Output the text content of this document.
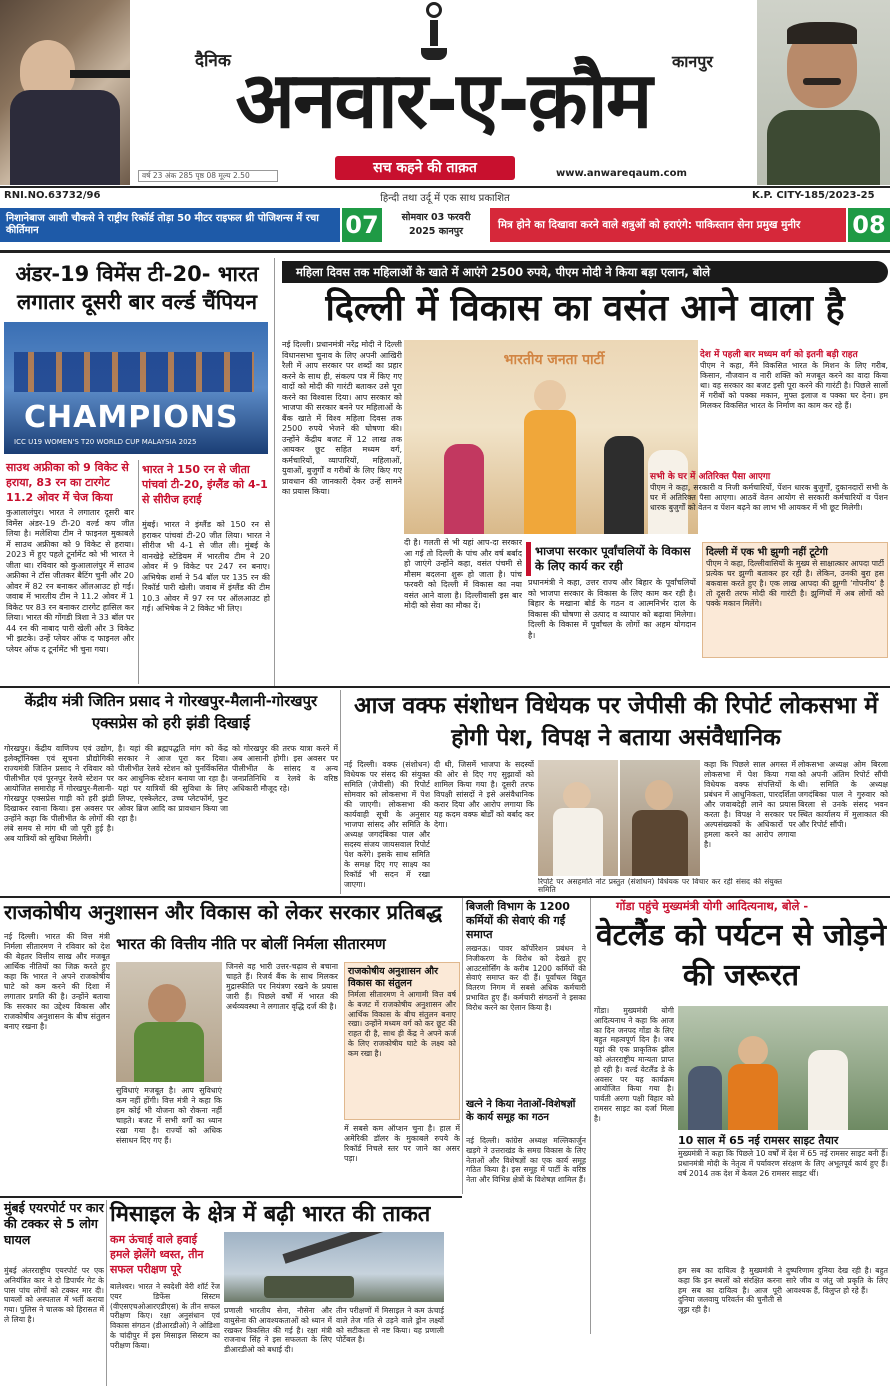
वर्ष 23 अंक 285 पृष्ठ 08 मूल्य 2.50
दैनिक अनवार-ए-क़ौम	कानपुर
सच कहने की ताक़त	www.anwareqaum.com
RNI.NO.63732/96	हिन्दी तथा उर्दू में एक साथ प्रकाशित	K.P. CITY-185/2023-25
निशानेबाज आशी चौकसे ने राष्ट्रीय रिकॉर्ड तोड़ा 50 मीटर राइफल थ्री पोजिशन्स में रचा कीर्तिमान	07	सोमवार 03 फरवरी
2025 कानपुर
मित्र होने का दिखावा करने वाले शत्रुओं को हराएंगे: पाकिस्तान सेना प्रमुख मुनीर 08
अंडर-19 विमेंस टी-20- भारत लगातार दूसरी बार वर्ल्ड चैंपियन
CHAMPIONS
ICC U19 WOMEN'S T20 WORLD CUP MALAYSIA 2025
साउथ अफ्रीका को 9 विकेट से हराया, 83 रन का टारगेट 11.2 ओवर में चेज किया
कुआलालंपुर। भारत ने लगातार दूसरी बार विमेंस अंडर-19 टी-20 वर्ल्ड कप जीत लिया है। मलेशिया टीम ने फाइनल मुकाबले में साउथ अफ्रीका को 9 विकेट से हराया। 2023 में हुए पहले टूर्नामेंट को भी भारत ने जीता था। रविवार को कुआलालंपुर में साउथ अफ्रीका ने टॉस जीतकर बैटिंग चुनी और 20 ओवर में 82 रन बनाकर ऑलआउट हो गई। जवाब में भारतीय टीम ने 11.2 ओवर में 1 विकेट पर 83 रन बनाकर टारगेट हासिल कर लिया। भारत की गोंगडी त्रिशा ने 33 बॉल पर 44 रन की नाबाद पारी खेली और 3 विकेट भी झटके। उन्हें प्लेयर ऑफ द फाइनल और प्लेयर ऑफ द टूर्नामेंट भी चुना गया।
भारत ने 150 रन से जीता पांचवां टी-20, इंग्लैंड को 4-1 से सीरीज हराई
मुंबई। भारत ने इंग्लैंड को 150 रन से हराकर पांचवां टी-20 जीत लिया। भारत ने सीरीज भी 4-1 से जीत ली। मुंबई के वानखेड़े स्टेडियम में भारतीय टीम ने 20 ओवर में 9 विकेट पर 247 रन बनाए। अभिषेक शर्मा ने 54 बॉल पर 135 रन की रिकॉर्ड पारी खेली। जवाब में इंग्लैंड की टीम 10.3 ओवर में 97 रन पर ऑलआउट हो गई। अभिषेक ने 2 विकेट भी लिए।
महिला दिवस तक महिलाओं के खाते में आएंगे 2500 रुपये, पीएम मोदी ने किया बड़ा एलान, बोले
दिल्ली में विकास का वसंत आने वाला है
नई दिल्ली। प्रधानमंत्री नरेंद्र मोदी ने दिल्ली विधानसभा चुनाव के लिए अपनी आखिरी रैली में आप सरकार पर शब्दों का प्रहार करने के साथ ही, संकल्प पत्र में किए गए वादों को मोदी की गारंटी बताकर उसे पूरा करने का विश्वास दिया। आप सरकार को भाजपा की सरकार बनने पर महिलाओं के बैंक खाते में विश्व महिला दिवस तक 2500 रुपये भेजने की घोषणा की। उन्होंने केंद्रीय बजट में 12 लाख तक आयकर छूट सहित मध्यम वर्ग, कर्मचारियों, व्यापारियों, महिलाओं, युवाओं, बुजुर्गों व गरीबों के लिए किए गए प्रावधान की जानकारी देकर उन्हें सामने का प्रयास किया।
भारतीय जनता पार्टी
दी है। गलती से भी यहां आप-दा सरकार आ गई तो दिल्ली के पांच और वर्ष बर्बाद हो जाएंगे उन्होंने कहा, वसंत पंचमी से मौसम बदलना शुरू हो जाता है। पांच फरवरी को दिल्ली में विकास का नया वसंत आने वाला है। दिल्लीवासी इस बार मोदी को सेवा का मौका दें।
भाजपा सरकार पूर्वांचलियों के विकास के लिए कार्य कर रही
प्रधानमंत्री ने कहा, उत्तर राज्य और बिहार के पूर्वांचलियों को भाजपा सरकार के विकास के लिए काम कर रही है। बिहार के मखाना बोर्ड के गठन व आत्मनिर्भर दाल के विकास की घोषणा से उत्पाद व व्यापार को बढ़ावा मिलेगा। दिल्ली के विकास में पूर्वांचल के लोगों का अहम योगदान है।
देश में पहली बार मध्यम वर्ग को इतनी बड़ी राहत
पीएम ने कहा, मैंने विकसित भारत के मिशन के लिए गरीब, किसान, नौजवान व नारी शक्ति को मजबूत करने का वादा किया था। वह सरकार का बजट इसी पूरा करने की गारंटी है। पिछले सालों में गरीबों को पक्का मकान, मुफ्त इलाज व पक्का घर देना। हम मिलकर विकसित भारत के निर्माण का काम कर रहे हैं।
सभी के घर में अतिरिक्त पैसा आएगा
पीएम ने कहा, सरकारी व निजी कर्मचारियों, पेंशन धारक बुजुर्गों, दुकानदारों सभी के घर में अतिरिक्त पैसा आएगा। आठवें वेतन आयोग से सरकारी कर्मचारियों व पेंशन धारक बुजुर्गों को वेतन व पेंशन बढ़ने का लाभ भी आयकर में भी छूट मिलेगी।
दिल्ली में एक भी झुग्गी नहीं टूटेगी
पीएम ने कहा, दिल्लीवासियों के मुख्य से साक्षात्कार आपदा पार्टी प्रत्येक घर झुग्गी बताकर हर रही है। लेकिन, उनकी बुरा हस बकवास करते हुए है। एक लाख आपदा की झुग्गी ‘गोपनीय’ है तो दूसरी तरफ मोदी की गारंटी है। झुग्गियों में अब लोगों को पक्के मकान मिलेंगे।
केंद्रीय मंत्री जितिन प्रसाद ने गोरखपुर-मैलानी-गोरखपुर एक्सप्रेस को हरी झंडी दिखाई
गोरखपुर। केंद्रीय वाणिज्य एवं उद्योग, इलेक्ट्रॉनिक्स एवं सूचना प्रौद्योगिकी राज्यमंत्री जितिन प्रसाद ने रविवार को पीलीभीत एवं पूरनपुर रेलवे स्टेशन पर आयोजित समारोह में गोरखपुर-मैलानी-गोरखपुर एक्सप्रेस गाड़ी को हरी झंडी दिखाकर रवाना किया। इस अवसर पर उन्होंने कहा कि पीलीभीत के लोगों की लंबे समय से मांग थी जो पूरी हुई है। अब यात्रियों को सुविधा मिलेगी।
है। यहां की ब्रह्मपद्धति मांग को केंद्र सरकार ने आज पूरा कर दिया। पीलीभीत रेलवे स्टेशन को पुनर्विकसित कर आधुनिक स्टेशन बनाया जा रहा है। यहां पर यात्रियों की सुविधा के लिए लिफ्ट, एस्केलेटर, उच्च प्लेटफॉर्म, फुट ओवर ब्रिज आदि का प्रावधान किया जा रहा है।
को गोरखपुर की तरफ यात्रा करने में अब आसानी होगी। इस अवसर पर पीलीभीत के सांसद व अन्य जनप्रतिनिधि व रेलवे के वरिष्ठ अधिकारी मौजूद रहे।
आज वक्फ संशोधन विधेयक पर जेपीसी की रिपोर्ट लोकसभा में होगी पेश, विपक्ष ने बताया असंवैधानिक
नई दिल्ली। वक्फ (संशोधन) विधेयक पर संसद की संयुक्त समिति (जेपीसी) की रिपोर्ट सोमवार को लोकसभा में पेश की जाएगी। लोकसभा की कार्यवाही सूची के अनुसार भाजपा सांसद और समिति के अध्यक्ष जगदंबिका पाल और सदस्य संजय जायसवाल रिपोर्ट पेश करेंगे। इसके साथ समिति के समक्ष दिए गए साक्ष्य का रिकॉर्ड भी सदन में रखा जाएगा।
दी थी, जिसमें भाजपा के सदस्यों की ओर से दिए गए सुझावों को शामिल किया गया है। दूसरी तरफ विपक्षी सांसदों ने इसे असंवैधानिक करार दिया और आरोप लगाया कि यह कदम वक्फ बोर्डों को बर्बाद कर देगा।
रिपोर्ट पर असहमति नोट प्रस्तुत (संशोधन) विधेयक पर विचार कर रही संसद की संयुक्त समिति
कहा कि पिछले साल अगस्त में लोकसभा में पेश किया गया विधेयक वक्फ संपत्तियों के प्रबंधन में आधुनिकता, पारदर्शिता और जवाबदेही लाने का प्रयास करता है। विपक्ष ने सरकार पर अल्पसंख्यकों के अधिकारों पर हमला करने का आरोप लगाया है।
लोकसभा अध्यक्ष ओम बिरला को अपनी अंतिम रिपोर्ट सौंपी थी। समिति के अध्यक्ष जगदंबिका पाल ने गुरुवार को बिरला से उनके संसद भवन स्थित कार्यालय में मुलाकात की और रिपोर्ट सौंपी।
राजकोषीय अनुशासन और विकास को लेकर सरकार प्रतिबद्ध
भारत की वित्तीय नीति पर बोलीं निर्मला सीतारमण
नई दिल्ली। भारत की वित्त मंत्री निर्मला सीतारमण ने रविवार को देश की बेहतर वित्तीय साख और मजबूत आर्थिक नीतियों का जिक्र करते हुए कहा कि भारत ने अपने राजकोषीय घाटे को कम करने की दिशा में लगातार प्रगति की है। उन्होंने बताया कि सरकार का उद्देश्य विकास और राजकोषीय अनुशासन के बीच संतुलन बनाए रखना है।
सुविधाएं मजबूत है। आप सुविधाएं कम नहीं होंगी। वित्त मंत्री ने कहा कि हम कोई भी योजना को रोकना नहीं चाहते। बजट में सभी वर्गों का ध्यान रखा गया है। राज्यों को अधिक संसाधन दिए गए हैं।
जिनसे वह भारी उत्तर-चढ़ाव से बचाना चाहते हैं। रिजर्व बैंक के साथ मिलकर मुद्रास्फीति पर नियंत्रण रखने के प्रयास जारी हैं। पिछले वर्षों में भारत की अर्थव्यवस्था ने लगातार वृद्धि दर्ज की है।
राजकोषीय अनुशासन और विकास का संतुलन
निर्मला सीतारमण ने आगामी वित्त वर्ष के बजट में राजकोषीय अनुशासन और आर्थिक विकास के बीच संतुलन बनाए रखा। उन्होंने मध्यम वर्ग को कर छूट की राहत दी है, साथ ही केंद्र ने अपने कर्ज के लिए राजकोषीय घाटे के लक्ष्य को कम रखा है।
में सबसे कम ऑप्शन चुना है। हाल में अमेरिकी डॉलर के मुकाबले रुपये के रिकॉर्ड निचले स्तर पर जाने का असर पड़ा।
बिजली विभाग के 1200 कर्मियों की सेवाएं की गईं समाप्त
लखनऊ। पावर कॉर्पोरेशन प्रबंधन ने निजीकरण के विरोध को देखते हुए आउटसोर्सिंग के करीब 1200 कर्मियों की सेवाएं समाप्त कर दी हैं। पूर्वांचल विद्युत वितरण निगम में सबसे अधिक कर्मचारी प्रभावित हुए हैं। कर्मचारी संगठनों ने इसका विरोध करने का ऐलान किया है।
खत्ने ने किया नेताओं-विशेषज्ञों के कार्य समूह का गठन
नई दिल्ली। कांग्रेस अध्यक्ष मल्लिकार्जुन खड़गे ने उत्तराखंड के समग्र विकास के लिए नेताओं और विशेषज्ञों का एक कार्य समूह गठित किया है। इस समूह में पार्टी के वरिष्ठ नेता और विभिन्न क्षेत्रों के विशेषज्ञ शामिल हैं।
गोंडा पहुंचे मुख्यमंत्री योगी आदित्यनाथ, बोले -
वेटलैंड को पर्यटन से जोड़ने की जरूरत
गोंडा। मुख्यमंत्री योगी आदित्यनाथ ने कहा कि आज का दिन जनपद गोंडा के लिए बहुत महत्वपूर्ण दिन है। जब यहां की एक प्राकृतिक झील को अंतरराष्ट्रीय मान्यता प्राप्त हो रही है। वर्ल्ड वेटलैंड डे के अवसर पर यह कार्यक्रम आयोजित किया गया है। पार्वती अरगा पक्षी विहार को रामसर साइट का दर्जा मिला है।
10 साल में 65 नई रामसर साइट तैयार
मुख्यमंत्री ने कहा कि पिछले 10 वर्षों में देश में 65 नई रामसर साइट बनी हैं। प्रधानमंत्री मोदी के नेतृत्व में पर्यावरण संरक्षण के लिए अभूतपूर्व कार्य हुए हैं। वर्ष 2014 तक देश में केवल 26 रामसर साइट थीं।
हम सब का दायित्व है मुख्यमंत्री ने कहा कि इन स्थलों को संरक्षित करना हम सब का दायित्व है। आज पूरी दुनिया जलवायु परिवर्तन की चुनौती से जूझ रही है।
दुष्परिणाम दुनिया देख रही है। बहुत सारे जीव व जंतु जो प्रकृति के लिए आवश्यक हैं, विलुप्त हो रहे हैं।
मुंबई एयरपोर्ट पर कार की टक्कर से 5 लोग घायल
मुंबई अंतरराष्ट्रीय एयरपोर्ट पर एक अनियंत्रित कार ने दो डिपार्चर गेट के पास पांच लोगों को टक्कर मार दी। घायलों को अस्पताल में भर्ती कराया गया। पुलिस ने चालक को हिरासत में ले लिया है।
मिसाइल के क्षेत्र में बढ़ी भारत की ताकत
कम ऊंचाई वाले हवाई हमले झेलेंगे ध्वस्त, तीन सफल परीक्षण पूरे
बालेश्वर। भारत ने स्वदेशी वेरी शॉर्ट रेंज एयर डिफेंस सिस्टम (वीएसएचओआरएडीएस) के तीन सफल परीक्षण किए। रक्षा अनुसंधान एवं विकास संगठन (डीआरडीओ) ने ओडिशा के चांदीपुर में इस मिसाइल सिस्टम का परीक्षण किया।
प्रणाली भारतीय सेना, नौसेना और वायुसेना की आवश्यकताओं को ध्यान में रखकर विकसित की गई है। रक्षा मंत्री राजनाथ सिंह ने इस सफलता के लिए डीआरडीओ को बधाई दी।
तीन परीक्षणों में मिसाइल ने कम ऊंचाई वाले तेज गति से उड़ने वाले ड्रोन लक्ष्यों को सटीकता से नष्ट किया। यह प्रणाली पोर्टेबल है।
